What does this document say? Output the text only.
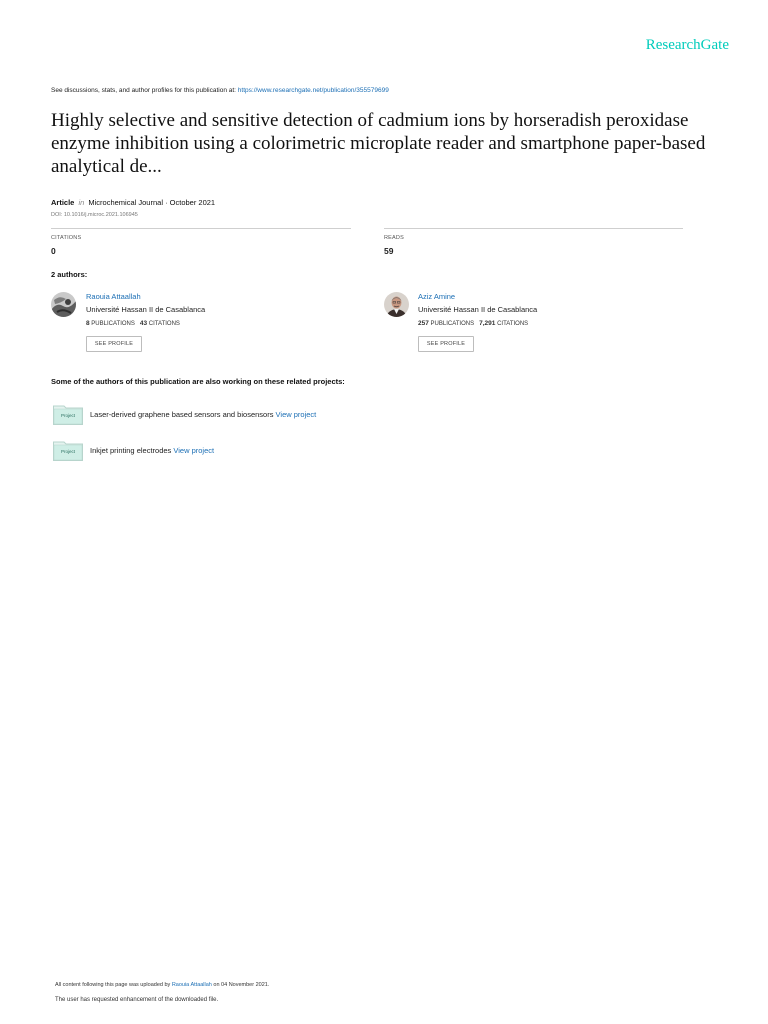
ResearchGate
See discussions, stats, and author profiles for this publication at: https://www.researchgate.net/publication/355579699
Highly selective and sensitive detection of cadmium ions by horseradish peroxidase enzyme inhibition using a colorimetric microplate reader and smartphone paper-based analytical de...
Article in Microchemical Journal · October 2021
DOI: 10.1016/j.microc.2021.106945
CITATIONS
0
READS
59
2 authors:
Raouia Attaallah
Université Hassan II de Casablanca
8 PUBLICATIONS 43 CITATIONS
SEE PROFILE
Aziz Amine
Université Hassan II de Casablanca
257 PUBLICATIONS 7,291 CITATIONS
SEE PROFILE
Some of the authors of this publication are also working on these related projects:
Project	Laser-derived graphene based sensors and biosensors View project
Project	Inkjet printing electrodes View project
All content following this page was uploaded by Raouia Attaallah on 04 November 2021.
The user has requested enhancement of the downloaded file.
